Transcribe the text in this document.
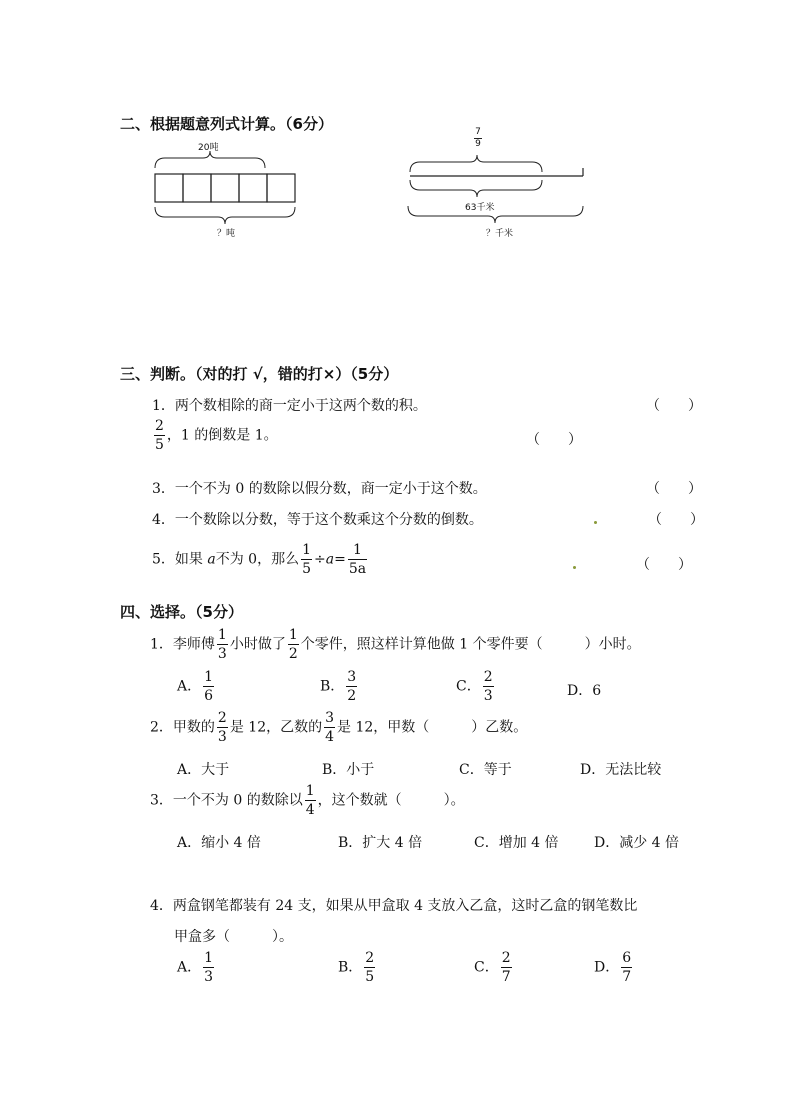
二、根据题意列式计算。（6分）
20吨
？吨
7
9
63千米
？千米
三、判断。（对的打 √，错的打×）（5分）
1．两个数相除的商一定小于这两个数的积。	（　　）
$\frac{2}{5}$ ，1 的倒数是 1。	（　　）
3．一个不为 0 的数除以假分数，商一定小于这个数。	（　　）
4．一个数除以分数，等于这个数乘这个分数的倒数。	（　　）
5．如果 a不为 0，那么 $\frac{1}{5} \div a= \frac{1}{5a}$	（　　）
四、选择。（5分）
1．李师傅 $\frac{1}{3}$ 小时做了 $\frac{1}{2}$ 个零件，照这样计算他做 1 个零件要（　　　）小时。
A． $\frac{1}{6}$	B． $\frac{3}{2}$	C． $\frac{2}{3}$	D．6
2．甲数的 $\frac{2}{3}$ 是 12，乙数的 $\frac{3}{4}$ 是 12，甲数（　　　）乙数。
A．大于	B．小于	C．等于	D．无法比较
3．一个不为 0 的数除以 $\frac{1}{4}$ ，这个数就（　　　）。
A．缩小 4 倍	B．扩大 4 倍	C．增加 4 倍	D．减少 4 倍
4．两盒钢笔都装有 24 支，如果从甲盒取 4 支放入乙盒，这时乙盒的钢笔数比
甲盒多（　　　）。
A． $\frac{1}{3}$	B． $\frac{2}{5}$	C． $\frac{2}{7}$	D． $\frac{6}{7}$
